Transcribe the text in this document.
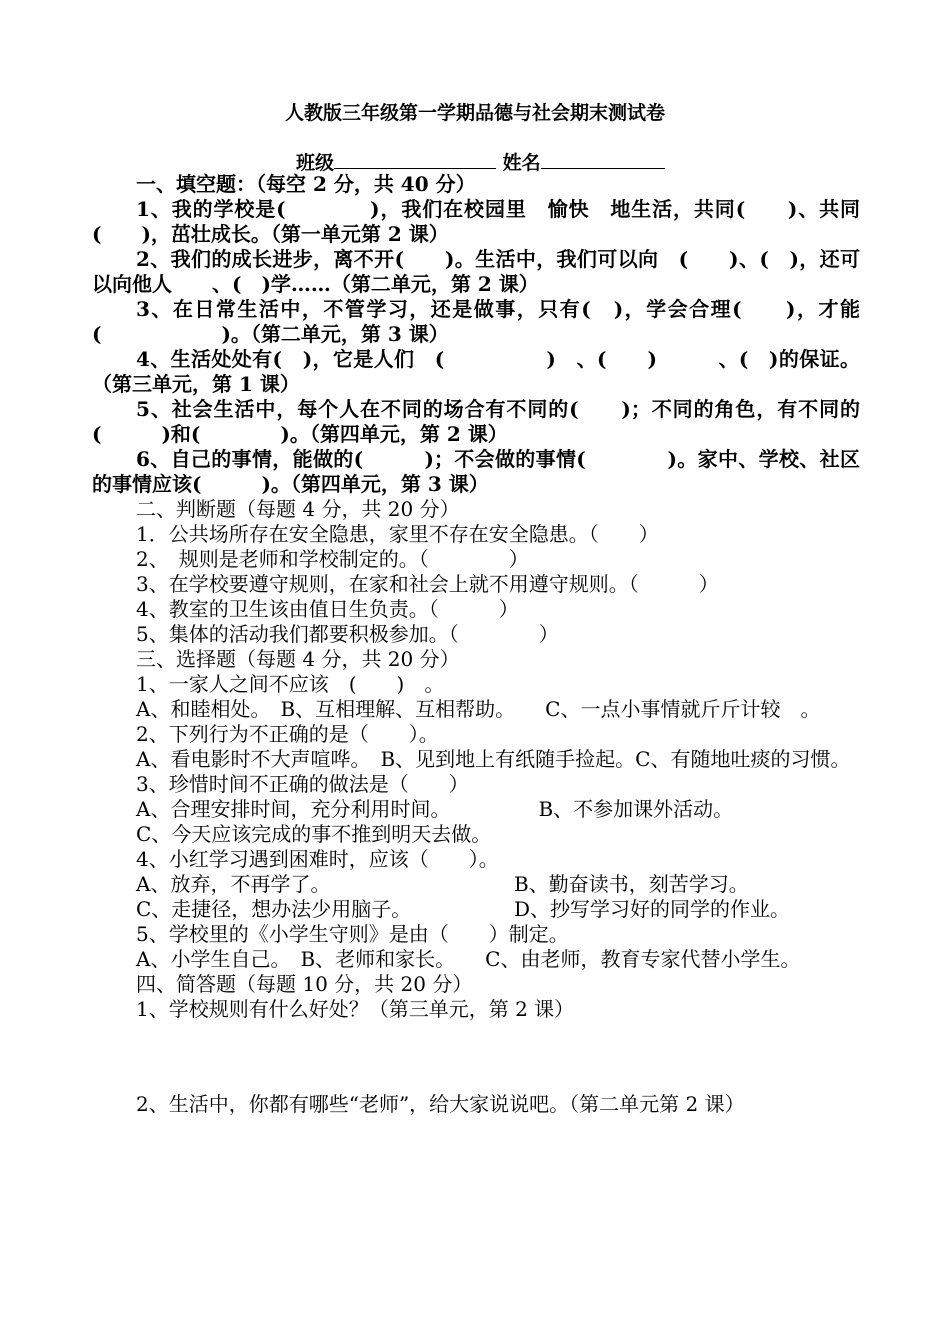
人教版三年级第一学期品德与社会期末测试卷
班级	姓名

一、填空题：（每空 2 分，共 40 分）

1、我的学校是(　　　　)，我们在校园里　愉快　地生活，共同(　　)、共同(　　)，茁壮成长。（第一单元第 2 课）

2、我们的成长进步，离不开(　　)。生活中，我们可以向　(　　)、(　)，还可以向他人　　、(　)学……（第二单元，第 2 课）

3、在日常生活中，不管学习，还是做事，只有(　)，学会合理(　　)，才能(　　　　　　)。（第二单元，第 3 课）

4、生活处处有(　)，它是人们　(　　　　　)　、(　　)　　　、(　)的保证。（第三单元，第 1 课）

5、社会生活中，每个人在不同的场合有不同的(　　)；不同的角色，有不同的　(　　　)和(　　　　)。（第四单元，第 2 课）

6、自己的事情，能做的(　　　)；不会做的事情(　　　　)。家中、学校、社区的事情应该(　　　)。（第四单元，第 3 课）

二、判断题（每题 4 分，共 20 分）

1．公共场所存在安全隐患，家里不存在安全隐患。（　　）

2、　规则是老师和学校制定的。（　　　　）

3、在学校要遵守规则，在家和社会上就不用遵守规则。（　　　）

4、教室的卫生该由值日生负责。（　　　）

5、集体的活动我们都要积极参加。（　　　　）

三、选择题（每题 4 分，共 20 分）

1、一家人之间不应该　(　　)　。

A、和睦相处。　B、互相理解、互相帮助。　　C、一点小事情就斤斤计较　。

2、下列行为不正确的是（　　）。

A、看电影时不大声喧哗。　B、见到地上有纸随手捡起。C、有随地吐痰的习惯。

3、珍惜时间不正确的做法是（　　）

A、合理安排时间，充分利用时间。	B、不参加课外活动。

C、今天应该完成的事不推到明天去做。

4、小红学习遇到困难时，应该（　　）。

A、放弃，不再学了。	B、勤奋读书，刻苦学习。

C、走捷径，想办法少用脑子。	D、抄写学习好的同学的作业。

5、学校里的《小学生守则》是由（　　）制定。

A、小学生自己。　B、老师和家长。　　C、由老师，教育专家代替小学生。

四、简答题（每题 10 分，共 20 分）

1、学校规则有什么好处？（第三单元，第 2 课）

2、生活中，你都有哪些“老师”，给大家说说吧。（第二单元第 2 课）
